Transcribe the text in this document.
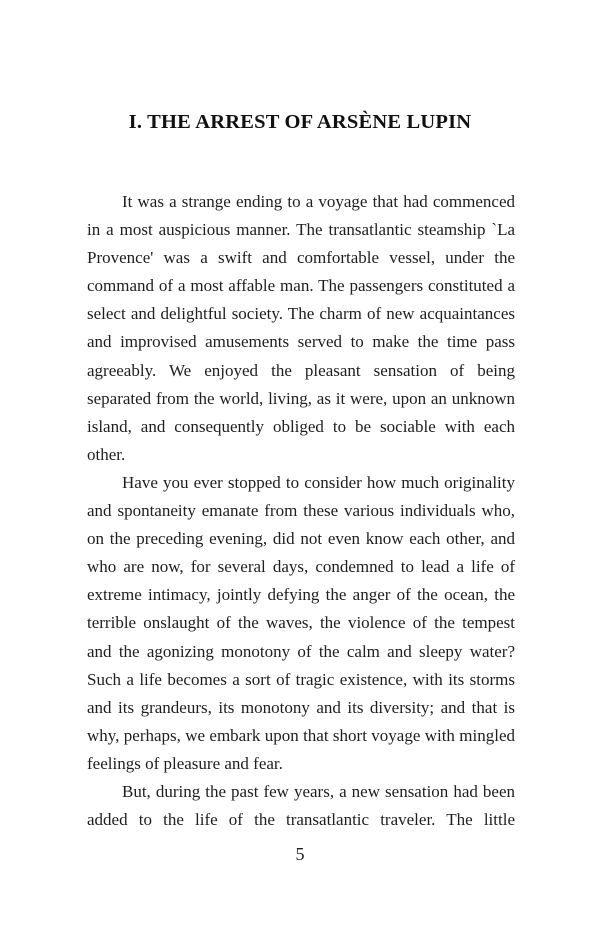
I. THE ARREST OF ARSÈNE LUPIN

It was a strange ending to a voyage that had commenced in a most auspicious manner. The transatlantic steamship `La Provence' was a swift and comfortable vessel, under the command of a most affable man. The passengers constituted a select and delightful society. The charm of new acquaintances and improvised amusements served to make the time pass agreeably. We enjoyed the pleasant sensation of being separated from the world, living, as it were, upon an unknown island, and consequently obliged to be sociable with each other.

Have you ever stopped to consider how much originality and spontaneity emanate from these various individuals who, on the preceding evening, did not even know each other, and who are now, for several days, condemned to lead a life of extreme intimacy, jointly defying the anger of the ocean, the terrible onslaught of the waves, the violence of the tempest and the agonizing monotony of the calm and sleepy water? Such a life becomes a sort of tragic existence, with its storms and its grandeurs, its monotony and its diversity; and that is why, perhaps, we embark upon that short voyage with mingled feelings of pleasure and fear.

But, during the past few years, a new sensation had been added to the life of the transatlantic traveler. The little

5
